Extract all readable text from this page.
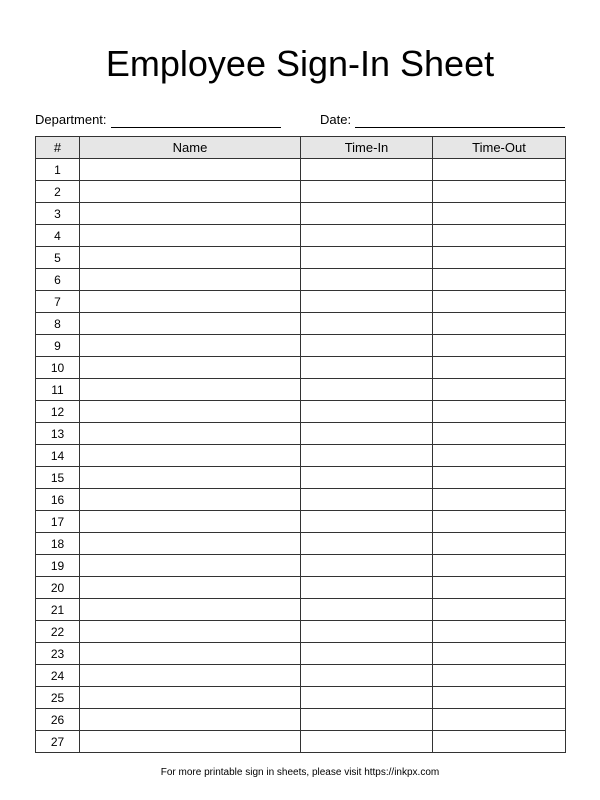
Employee Sign-In Sheet
Department:	Date:
#	Name	Time-In	Time-Out
1			
2			
3			
4			
5			
6			
7			
8			
9			
10			
11			
12			
13			
14			
15			
16			
17			
18			
19			
20			
21			
22			
23			
24			
25			
26			
27			
For more printable sign in sheets, please visit https://inkpx.com
